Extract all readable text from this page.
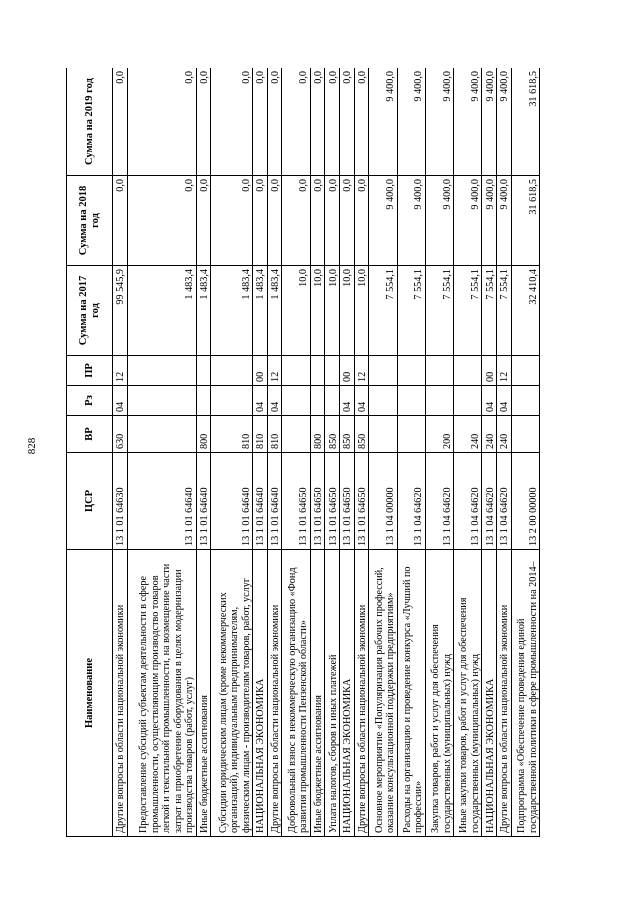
828
Наименование	ЦСР	ВР	Рз	ПР	Сумма на 2017 год	Сумма на 2018 год	Сумма на 2019 год
Другие вопросы в области национальной экономики	13 1 01 64630	630	04	12	99 545,9	0,0	0,0
Предоставление субсидий субъектам деятельности в сфере промышленности, осуществляющим производство товаров легкой и текстильной промышленности, на возмещение части затрат на приобретение оборудования в целях модернизации производства товаров (работ, услуг)	13 1 01 64640				1 483,4	0,0	0,0
Иные бюджетные ассигнования	13 1 01 64640	800			1 483,4	0,0	0,0
Субсидии юридическим лицам (кроме некоммерческих организаций), индивидуальным предпринимателям, физическим лицам - производителям товаров, работ, услуг	13 1 01 64640	810			1 483,4	0,0	0,0
НАЦИОНАЛЬНАЯ ЭКОНОМИКА	13 1 01 64640	810	04	00	1 483,4	0,0	0,0
Другие вопросы в области национальной экономики	13 1 01 64640	810	04	12	1 483,4	0,0	0,0
Добровольный взнос в некоммерческую организацию «Фонд развития промышленности Пензенской области»	13 1 01 64650				10,0	0,0	0,0
Иные бюджетные ассигнования	13 1 01 64650	800			10,0	0,0	0,0
Уплата налогов, сборов и иных платежей	13 1 01 64650	850			10,0	0,0	0,0
НАЦИОНАЛЬНАЯ ЭКОНОМИКА	13 1 01 64650	850	04	00	10,0	0,0	0,0
Другие вопросы в области национальной экономики	13 1 01 64650	850	04	12	10,0	0,0	0,0
Основное мероприятие «Популяризация рабочих профессий, оказание консультационной поддержки предприятиям»	13 1 04 00000				7 554,1	9 400,0	9 400,0
Расходы на организацию и проведение конкурса «Лучший по профессии»	13 1 04 64620				7 554,1	9 400,0	9 400,0
Закупка товаров, работ и услуг для обеспечения государственных (муниципальных) нужд	13 1 04 64620	200			7 554,1	9 400,0	9 400,0
Иные закупки товаров, работ и услуг для обеспечения государственных (муниципальных) нужд	13 1 04 64620	240			7 554,1	9 400,0	9 400,0
НАЦИОНАЛЬНАЯ ЭКОНОМИКА	13 1 04 64620	240	04	00	7 554,1	9 400,0	9 400,0
Другие вопросы в области национальной экономики	13 1 04 64620	240	04	12	7 554,1	9 400,0	9 400,0
Подпрограмма «Обеспечение проведения единой государственной политики в сфере промышленности на 2014–	13 2 00 00000				32 410,4	31 618,5	31 618,5
